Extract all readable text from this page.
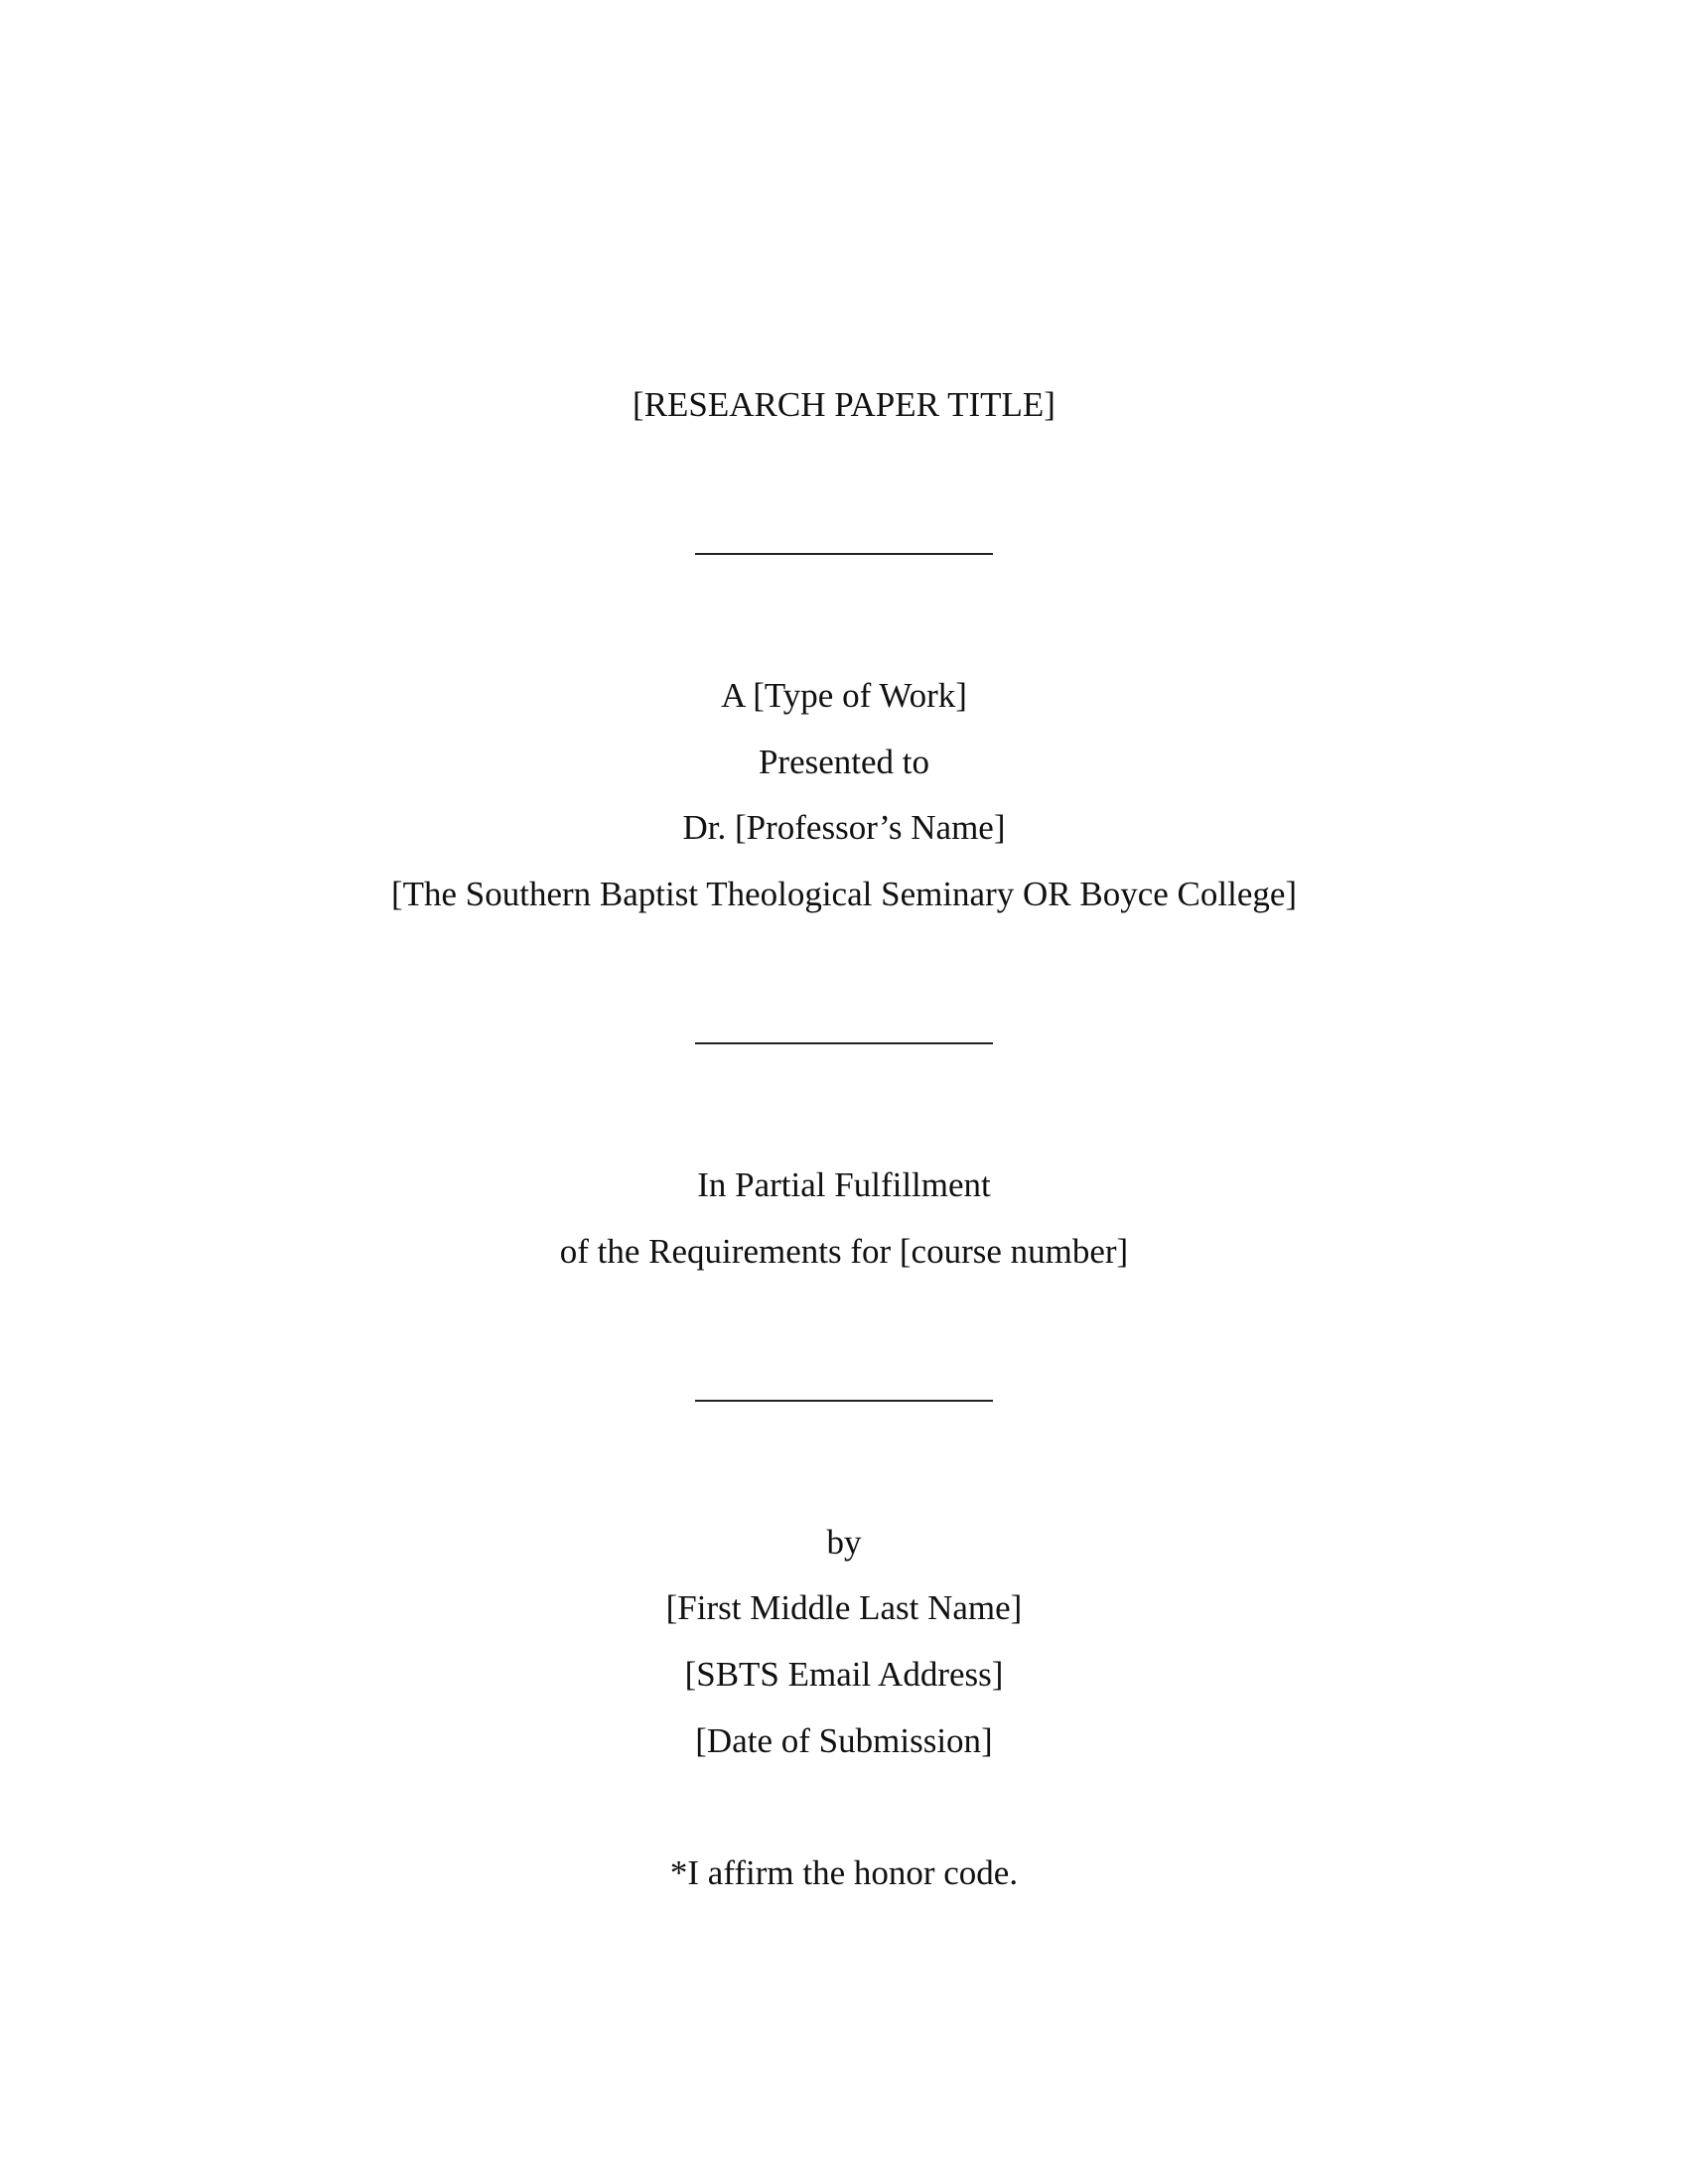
[RESEARCH PAPER TITLE]
A [Type of Work]
Presented to
Dr. [Professor’s Name]
[The Southern Baptist Theological Seminary OR Boyce College]
In Partial Fulfillment
of the Requirements for [course number]
by
[First Middle Last Name]
[SBTS Email Address]
[Date of Submission]
*I affirm the honor code.
